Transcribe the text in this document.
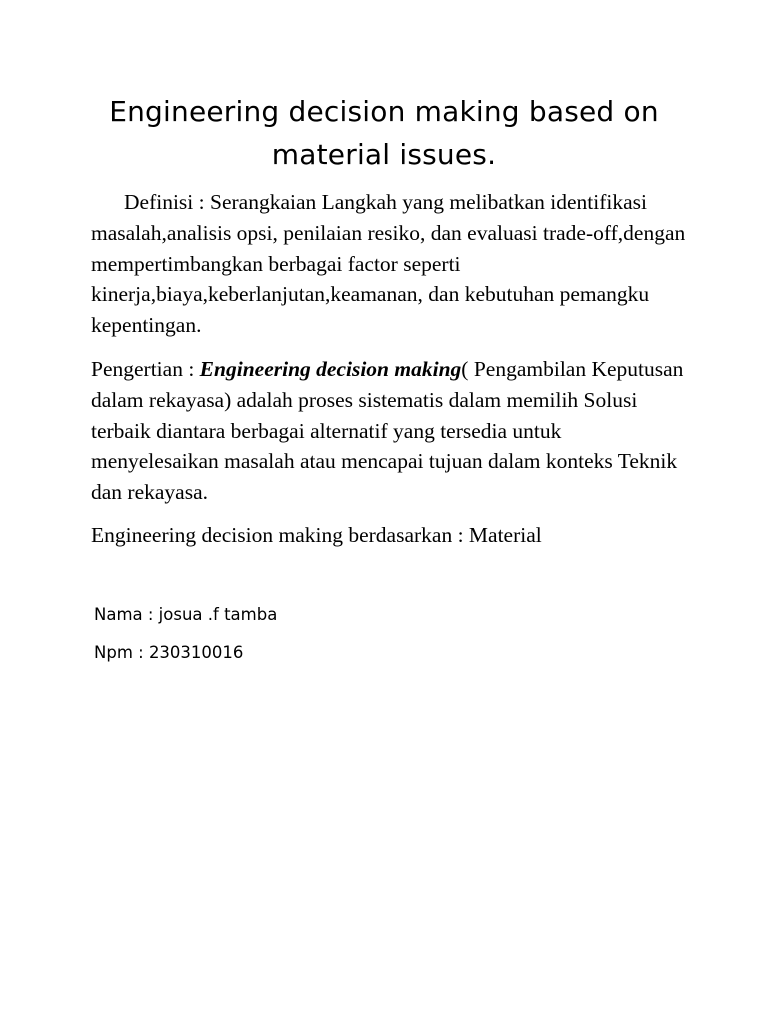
Engineering decision making based on material issues.

Definisi : Serangkaian Langkah yang melibatkan identifikasi masalah,analisis opsi, penilaian resiko, dan evaluasi trade-off,dengan mempertimbangkan berbagai factor seperti kinerja,biaya,keberlanjutan,keamanan, dan kebutuhan pemangku kepentingan.

Pengertian : Engineering decision making( Pengambilan Keputusan dalam rekayasa) adalah proses sistematis dalam memilih Solusi terbaik diantara berbagai alternatif yang tersedia untuk menyelesaikan masalah atau mencapai tujuan dalam konteks Teknik dan rekayasa.

Engineering decision making berdasarkan : Material

Nama : josua .f tamba

Npm : 230310016
